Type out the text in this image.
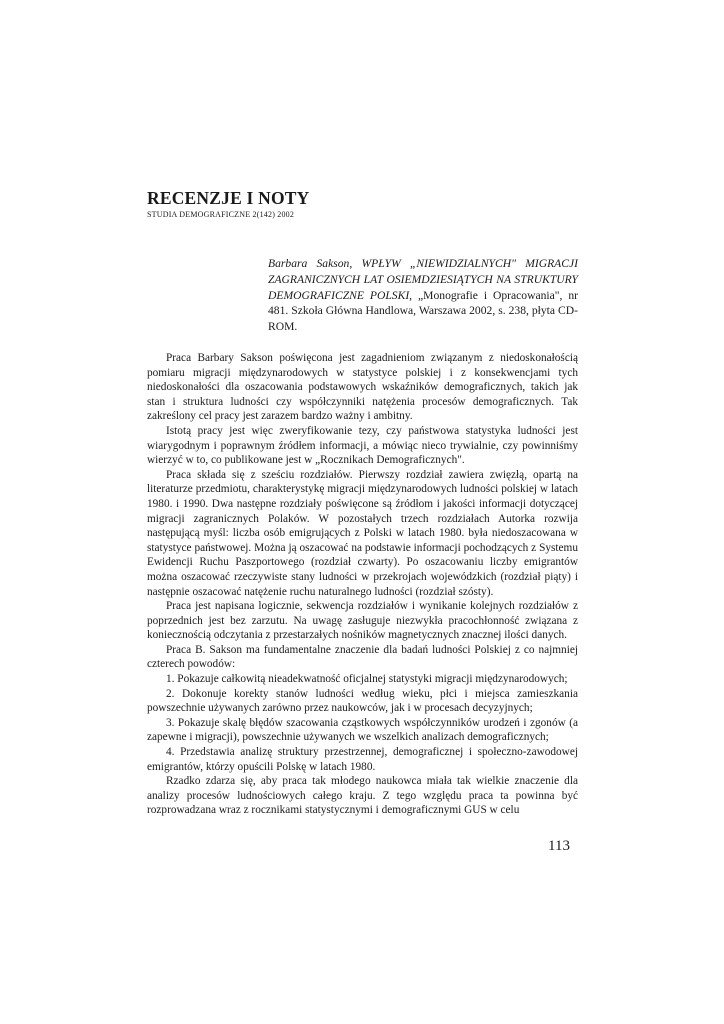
RECENZJE I NOTY
STUDIA DEMOGRAFICZNE 2(142) 2002
Barbara Sakson, WPŁYW „NIEWIDZIALNYCH" MIGRACJI ZAGRANICZNYCH LAT OSIEMDZIESIĄTYCH NA STRUKTURY DEMOGRAFICZNE POLSKI, „Monografie i Opracowania", nr 481. Szkoła Główna Handlowa, Warszawa 2002, s. 238, płyta CD-ROM.

Praca Barbary Sakson poświęcona jest zagadnieniom związanym z niedoskonałością pomiaru migracji międzynarodowych w statystyce polskiej i z konsekwencjami tych niedoskonałości dla oszacowania podstawowych wskaźników demograficznych, takich jak stan i struktura ludności czy współczynniki natężenia procesów demograficznych. Tak zakreślony cel pracy jest zarazem bardzo ważny i ambitny.

Istotą pracy jest więc zweryfikowanie tezy, czy państwowa statystyka ludności jest wiarygodnym i poprawnym źródłem informacji, a mówiąc nieco trywialnie, czy powinniśmy wierzyć w to, co publikowane jest w „Rocznikach Demograficznych".

Praca składa się z sześciu rozdziałów. Pierwszy rozdział zawiera zwięzłą, opartą na literaturze przedmiotu, charakterystykę migracji międzynarodowych ludności polskiej w latach 1980. i 1990. Dwa następne rozdziały poświęcone są źródłom i jakości informacji dotyczącej migracji zagranicznych Polaków. W pozostałych trzech rozdziałach Autorka rozwija następującą myśl: liczba osób emigrujących z Polski w latach 1980. była niedoszacowana w statystyce państwowej. Można ją oszacować na podstawie informacji pochodzących z Systemu Ewidencji Ruchu Paszportowego (rozdział czwarty). Po oszacowaniu liczby emigrantów można oszacować rzeczywiste stany ludności w przekrojach wojewódzkich (rozdział piąty) i następnie oszacować natężenie ruchu naturalnego ludności (rozdział szósty).

Praca jest napisana logicznie, sekwencja rozdziałów i wynikanie kolejnych rozdziałów z poprzednich jest bez zarzutu. Na uwagę zasługuje niezwykła pracochłonność związana z koniecznością odczytania z przestarzałych nośników magnetycznych znacznej ilości danych.

Praca B. Sakson ma fundamentalne znaczenie dla badań ludności Polskiej z co najmniej czterech powodów:

1. Pokazuje całkowitą nieadekwatność oficjalnej statystyki migracji międzynarodowych;

2. Dokonuje korekty stanów ludności według wieku, płci i miejsca zamieszkania powszechnie używanych zarówno przez naukowców, jak i w procesach decyzyjnych;

3. Pokazuje skalę błędów szacowania cząstkowych współczynników urodzeń i zgonów (a zapewne i migracji), powszechnie używanych we wszelkich analizach demograficznych;

4. Przedstawia analizę struktury przestrzennej, demograficznej i społeczno-zawodowej emigrantów, którzy opuścili Polskę w latach 1980.

Rzadko zdarza się, aby praca tak młodego naukowca miała tak wielkie znaczenie dla analizy procesów ludnościowych całego kraju. Z tego względu praca ta powinna być rozprowadzana wraz z rocznikami statystycznymi i demograficznymi GUS w celu

113
